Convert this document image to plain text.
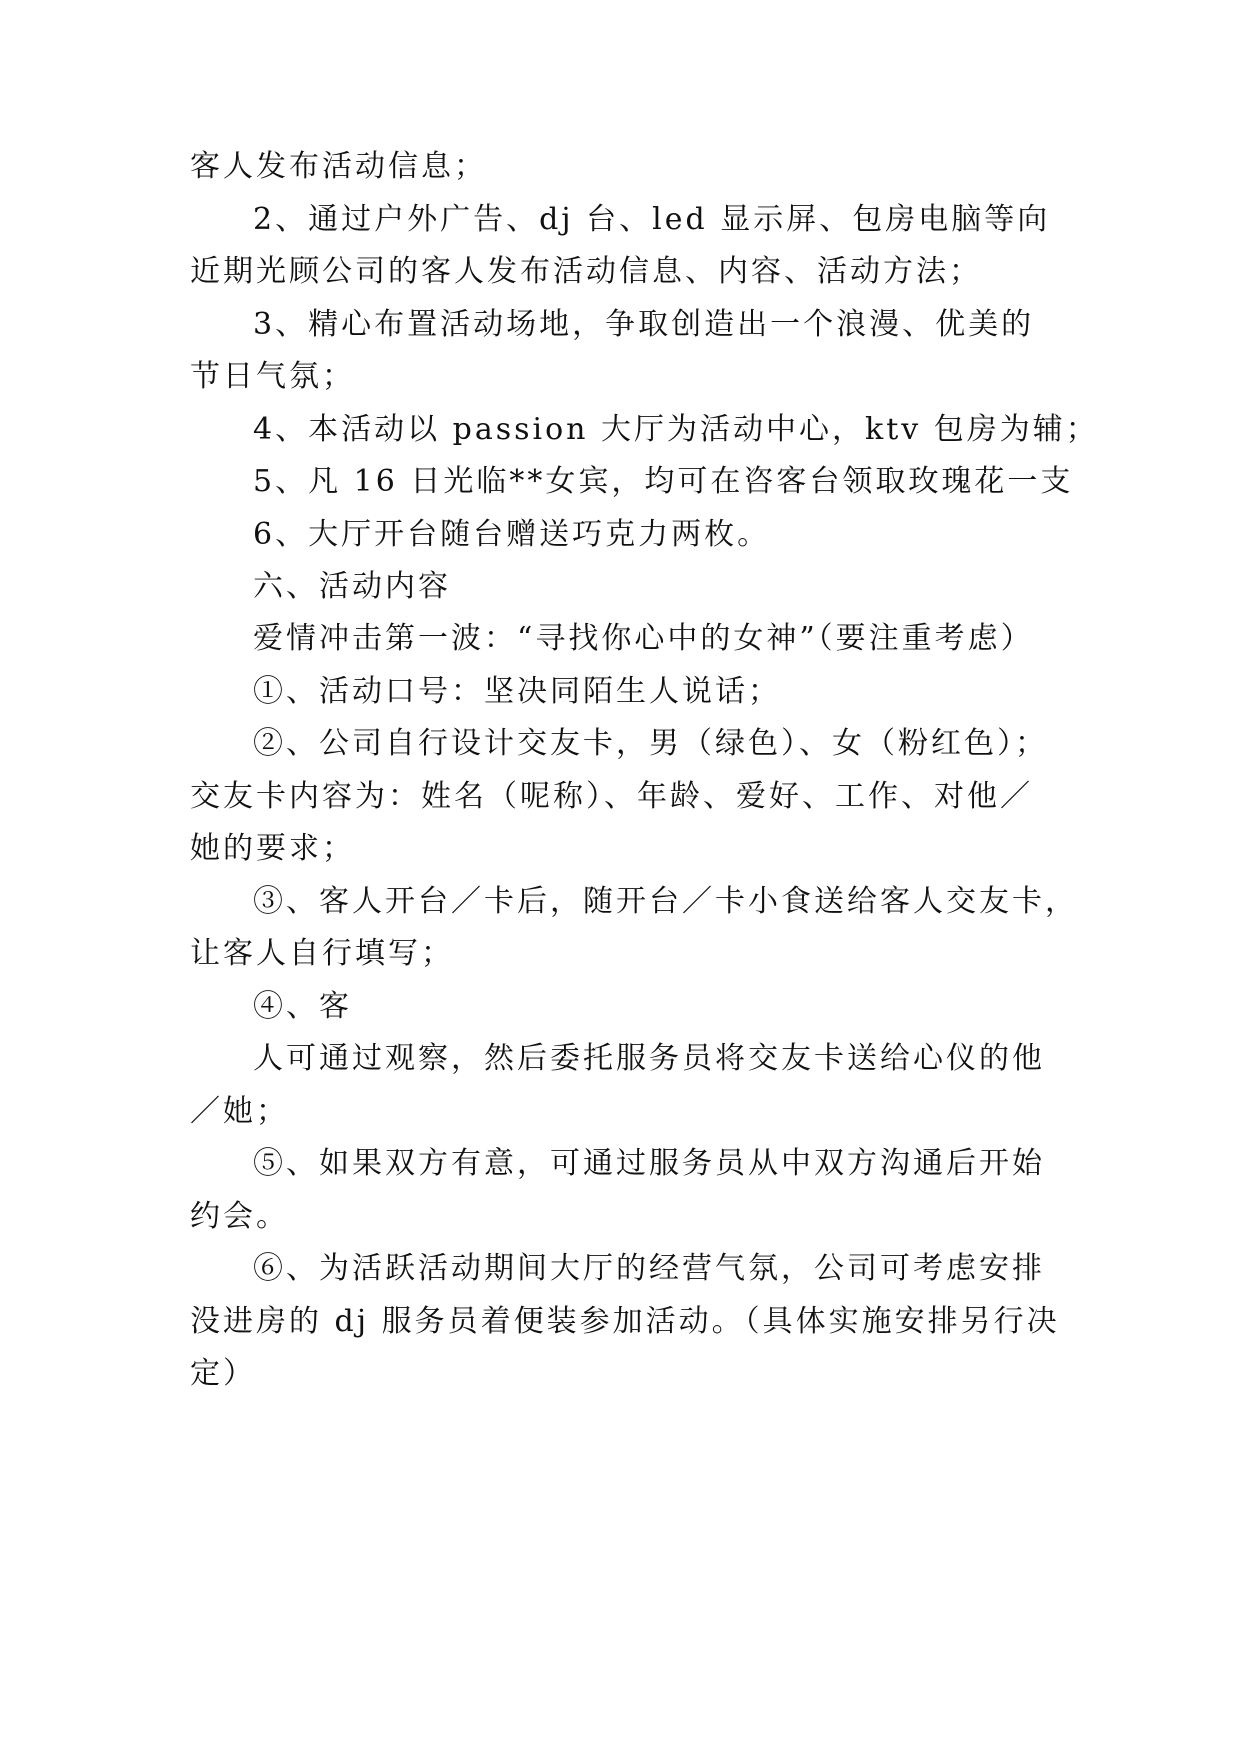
客人发布活动信息；
2、通过户外广告、dj 台、led 显示屏、包房电脑等向
近期光顾公司的客人发布活动信息、内容、活动方法；
3、精心布置活动场地，争取创造出一个浪漫、优美的
节日气氛；
4、本活动以 passion 大厅为活动中心，ktv 包房为辅；
5、凡 16 日光临**女宾，均可在咨客台领取玫瑰花一支
6、大厅开台随台赠送巧克力两枚。
六、活动内容
爱情冲击第一波：“寻找你心中的女神”（要注重考虑）
①、活动口号：坚决同陌生人说话；
②、公司自行设计交友卡，男（绿色）、女（粉红色）；
交友卡内容为：姓名（呢称）、年龄、爱好、工作、对他／
她的要求；
③、客人开台／卡后，随开台／卡小食送给客人交友卡，
让客人自行填写；
④、客
人可通过观察，然后委托服务员将交友卡送给心仪的他
／她；
⑤、如果双方有意，可通过服务员从中双方沟通后开始
约会。
⑥、为活跃活动期间大厅的经营气氛，公司可考虑安排
没进房的 dj 服务员着便装参加活动。（具体实施安排另行决
定）
